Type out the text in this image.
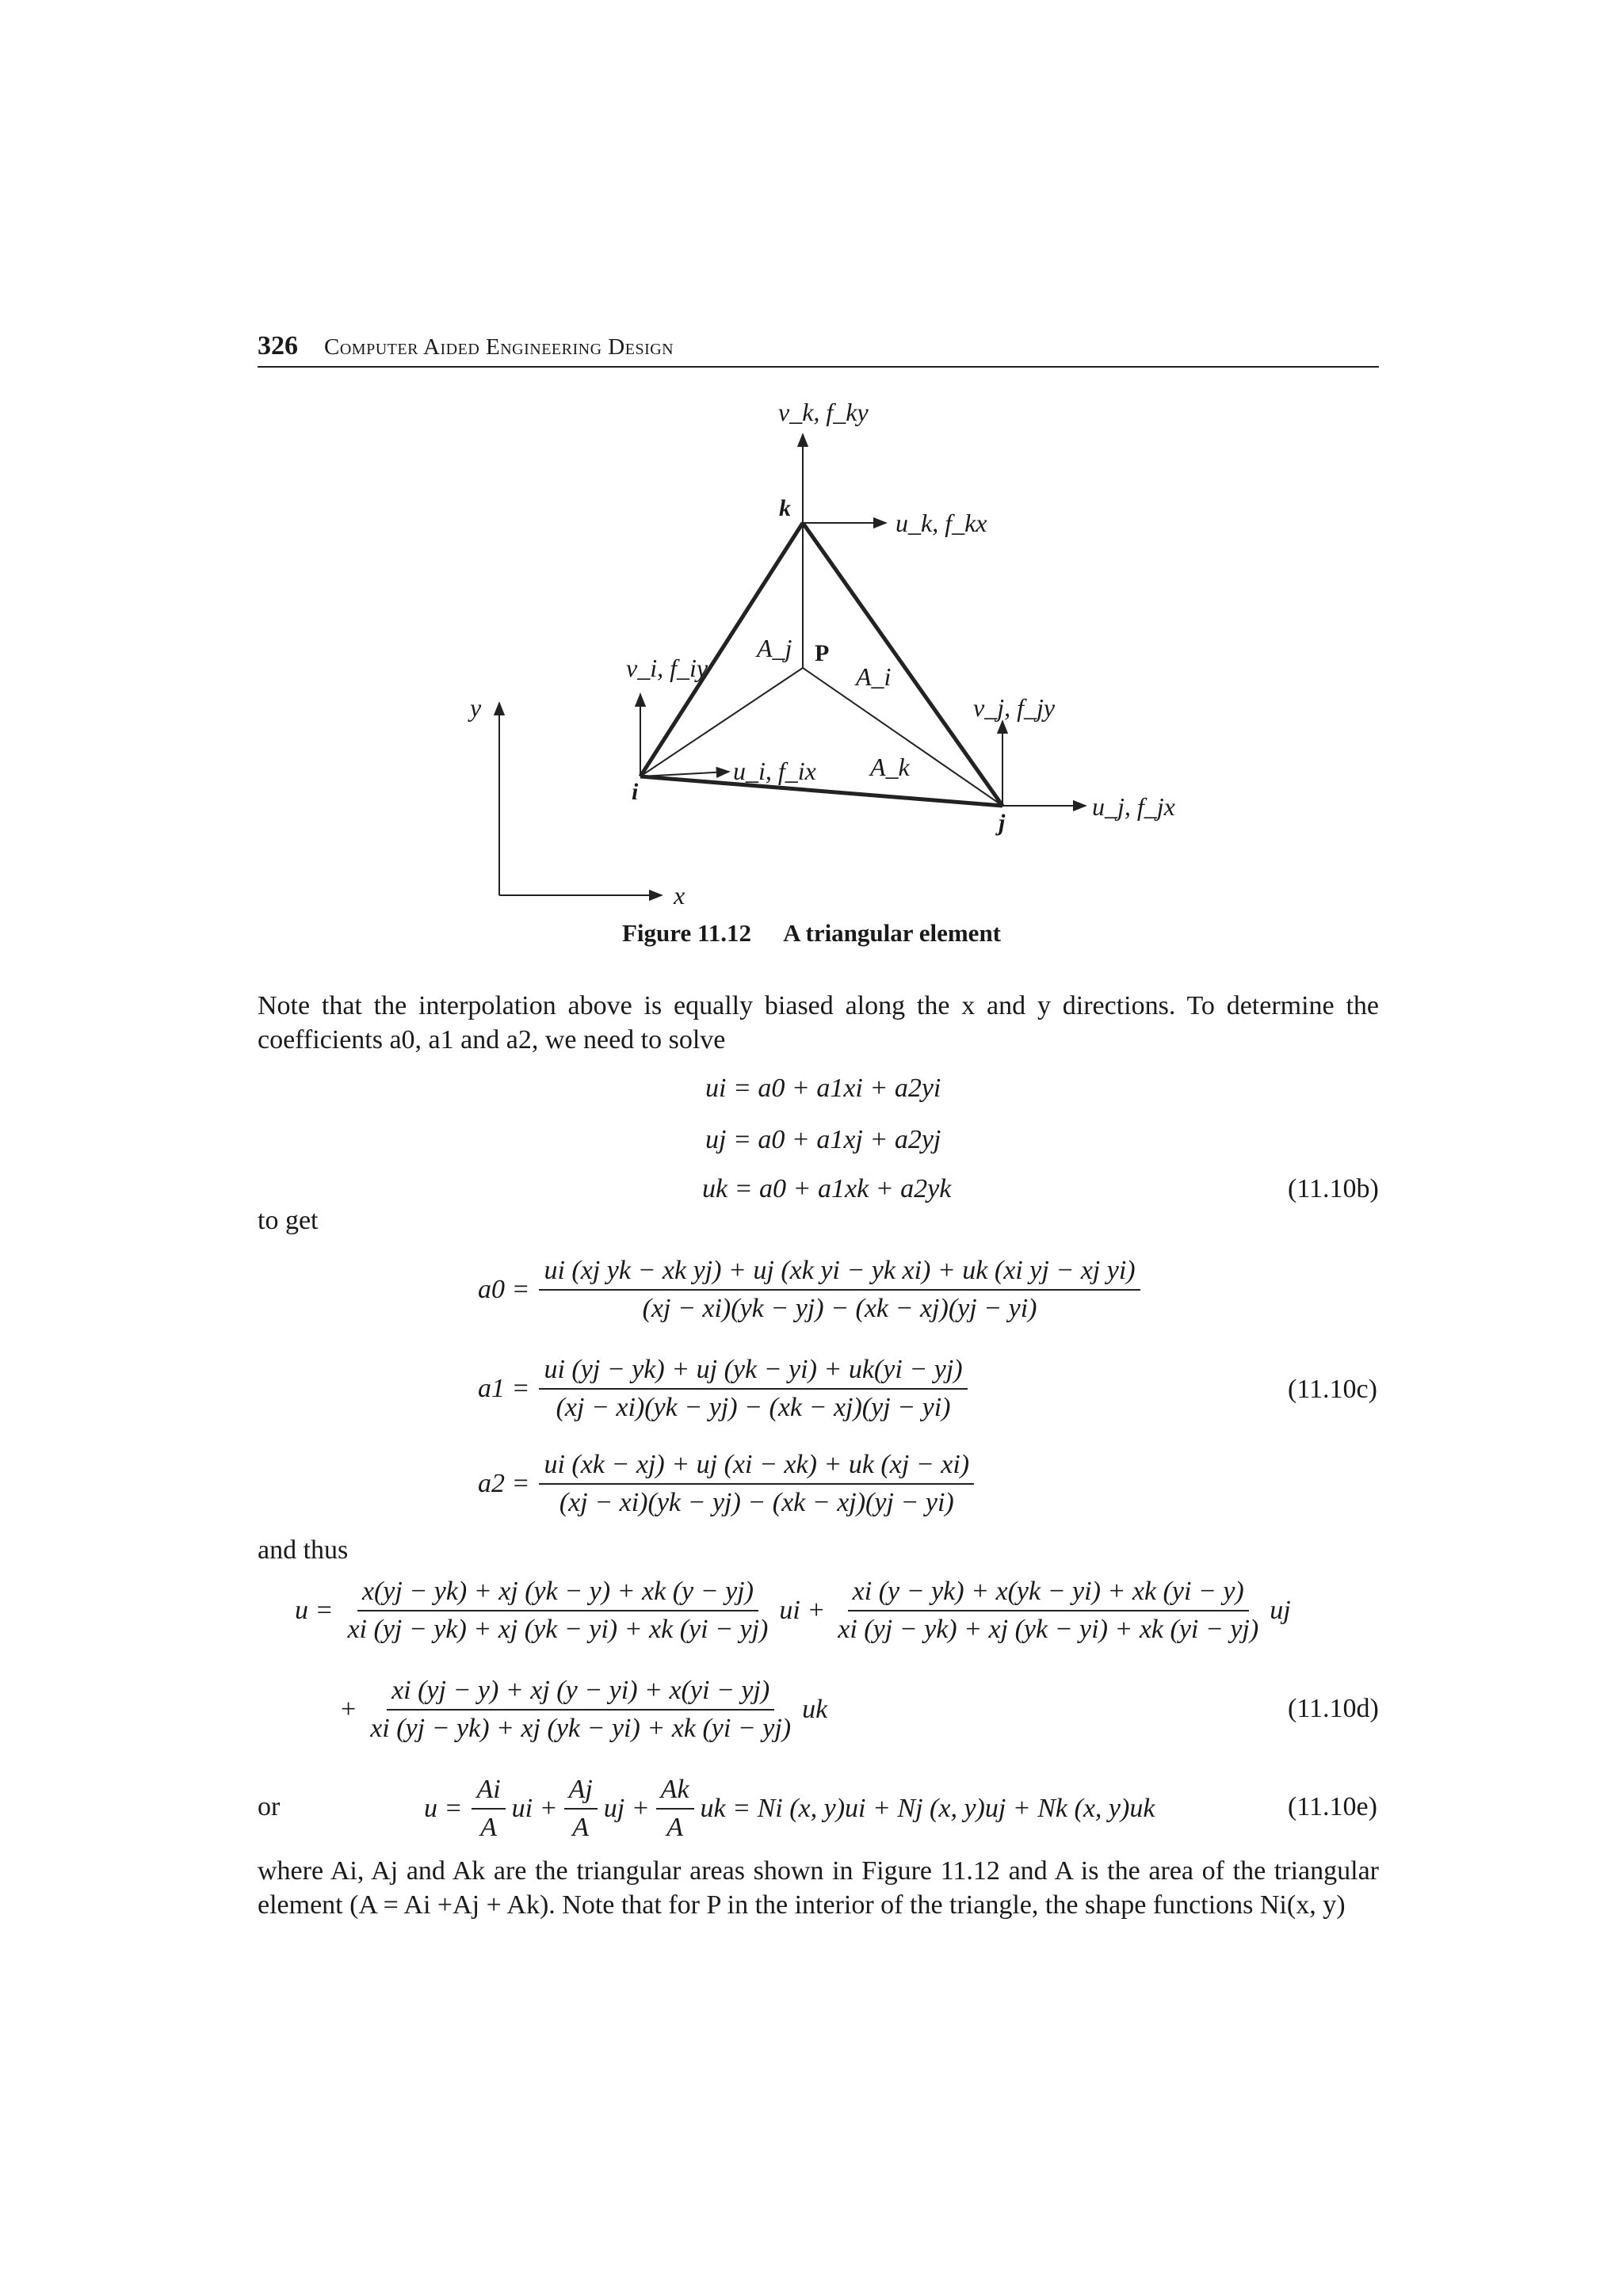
326 Computer Aided Engineering Design
v_k, f_ky
u_k, f_kx
k
i
j
P
A_j
A_i
A_k
v_i, f_iy
u_i, f_ix
v_j, f_jy
u_j, f_jx
y
x
Figure 11.12 A triangular element
Note that the interpolation above is equally biased along the x and y directions. To determine the coefficients a0, a1 and a2, we need to solve
ui = a0 + a1xi + a2yi
uj = a0 + a1xj + a2yj
uk = a0 + a1xk + a2yk	(11.10b)
to get
$a0 = \frac{\text{ui (xj yk − xk yj) + uj (xk yi − yk xi) + uk (xi yj − xj yi)}}{(xj - xi)(yk - yj) - (xk - xj)(yj - yi)}$
$a1 = \frac{ui (yj - yk) + uj (yk - yi) + uk(yi - yj)}{(xj - xi)(yk - yj) - (xk - xj)(yj - yi)}$	(11.10c)
$a2 = \frac{ui (xk - xj) + uj (xi - xk) + uk (xj - xi)}{(xj - xi)(yk - yj) - (xk - xj)(yj - yi)}$
and thus
$u = \frac{x(yj - yk) + xj (yk - y) + xk (y - yj)}{xi (yj - yk) + xj (yk - yi) + xk (yi - yj)}$ ui + $\frac{xi (y - yk) + x(yk - yi) + xk (yi - y)}{xi (yj - yk) + xj (yk - yi) + xk (yi - yj)}$ uj
+ $\frac{xi (yj - y) + xj (y - yi) + x(yi - yj)}{xi (yj - yk) + xj (yk - yi) + xk (yi - yj)}$ uk	(11.10d)
or	$u = \frac{Ai}{A}$ ui + $\frac{Aj}{A}$ uj + $\frac{Ak}{A}$ uk = Ni (x, y)ui + Nj (x, y)uj + Nk (x, y)uk	(11.10e)
where Ai, Aj and Ak are the triangular areas shown in Figure 11.12 and A is the area of the triangular element (A = Ai +Aj + Ak). Note that for P in the interior of the triangle, the shape functions Ni(x, y)
